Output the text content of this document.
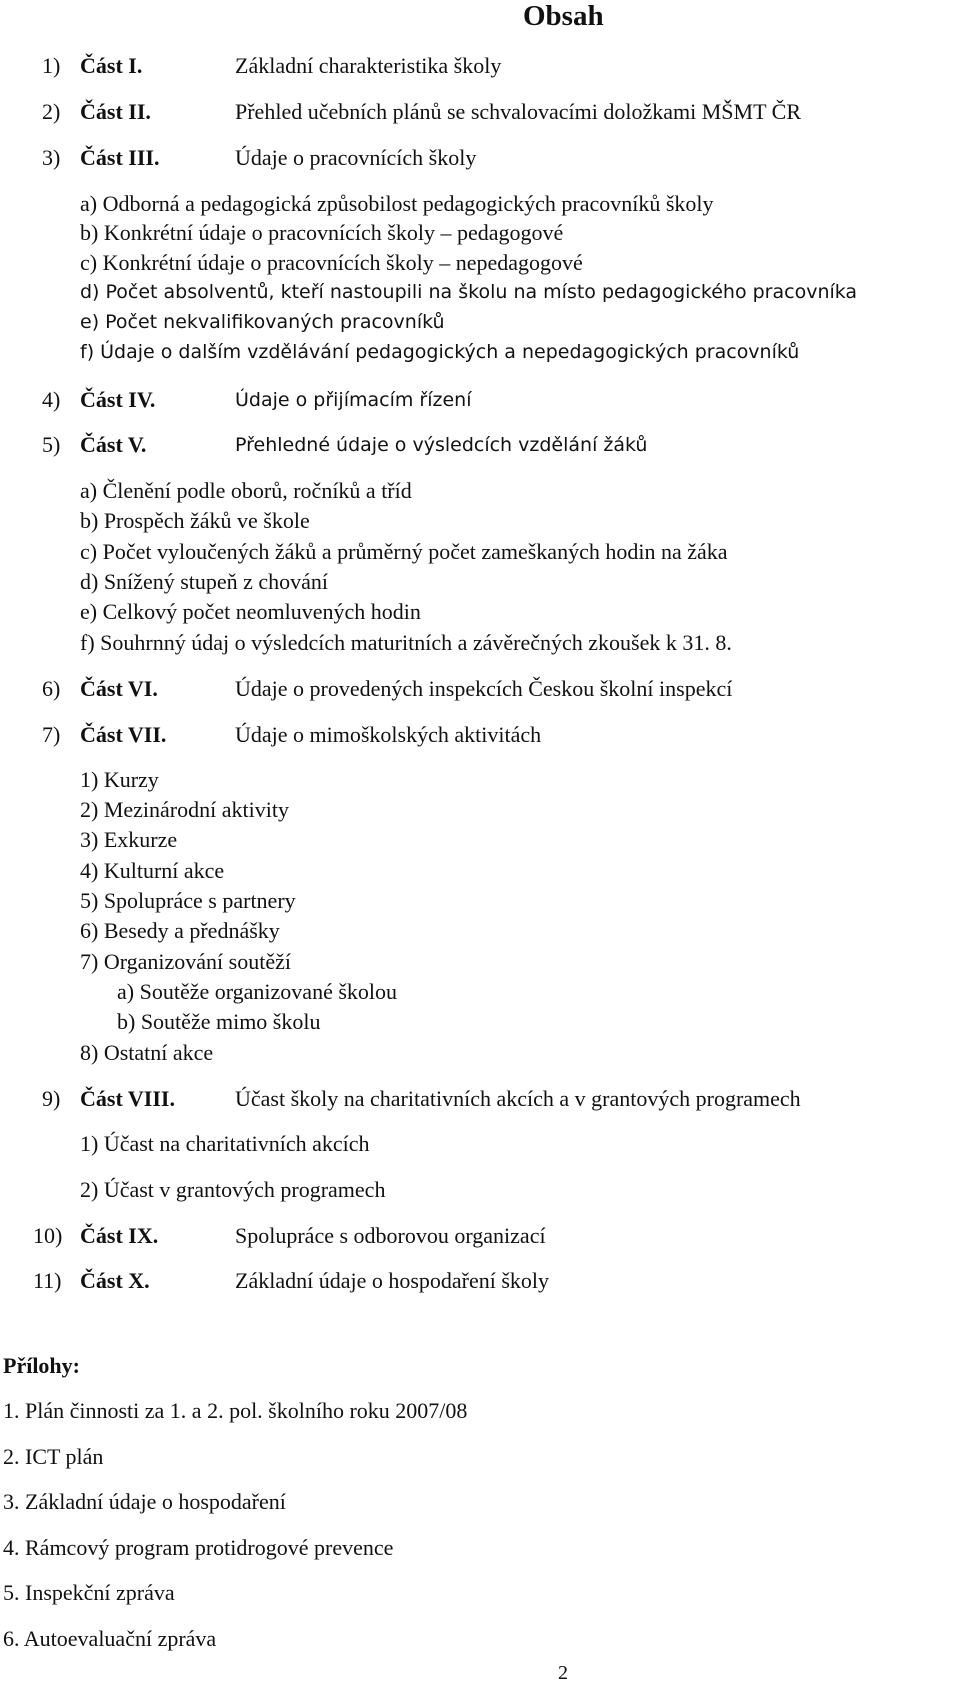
Obsah
1) Část I.	Základní charakteristika školy
2) Část II.	Přehled učebních plánů se schvalovacími doložkami MŠMT ČR
3) Část III.	Údaje o pracovnících školy
a) Odborná a pedagogická způsobilost pedagogických pracovníků školy
b) Konkrétní údaje o pracovnících školy – pedagogové
c) Konkrétní údaje o pracovnících školy – nepedagogové
d) Počet absolventů, kteří nastoupili na školu na místo pedagogického pracovníka
e) Počet nekvalifikovaných pracovníků
f) Údaje o dalším vzdělávání pedagogických a nepedagogických pracovníků
4) Část IV.	Údaje o přijímacím řízení
5) Část V.	Přehledné údaje o výsledcích vzdělání žáků
a) Členění podle oborů, ročníků a tříd
b) Prospěch žáků ve škole
c) Počet vyloučených žáků a průměrný počet zameškaných hodin na žáka
d) Snížený stupeň z chování
e) Celkový počet neomluvených hodin
f) Souhrnný údaj o výsledcích maturitních a závěrečných zkoušek k 31. 8.
6) Část VI.	Údaje o provedených inspekcích Českou školní inspekcí
7) Část VII.	Údaje o mimoškolských aktivitách
1) Kurzy
2) Mezinárodní aktivity
3) Exkurze
4) Kulturní akce
5) Spolupráce s partnery
6) Besedy a přednášky
7) Organizování soutěží
a) Soutěže organizované školou
b) Soutěže mimo školu
8) Ostatní akce
9) Část VIII.	Účast školy na charitativních akcích a v grantových programech
1) Účast na charitativních akcích
2) Účast v grantových programech
10) Část IX.	Spolupráce s odborovou organizací
11) Část X.	Základní údaje o hospodaření školy
Přílohy:
1. Plán činnosti za 1. a 2. pol. školního roku 2007/08
2. ICT plán
3. Základní údaje o hospodaření
4. Rámcový program protidrogové prevence
5. Inspekční zpráva
6. Autoevaluační zpráva
2
